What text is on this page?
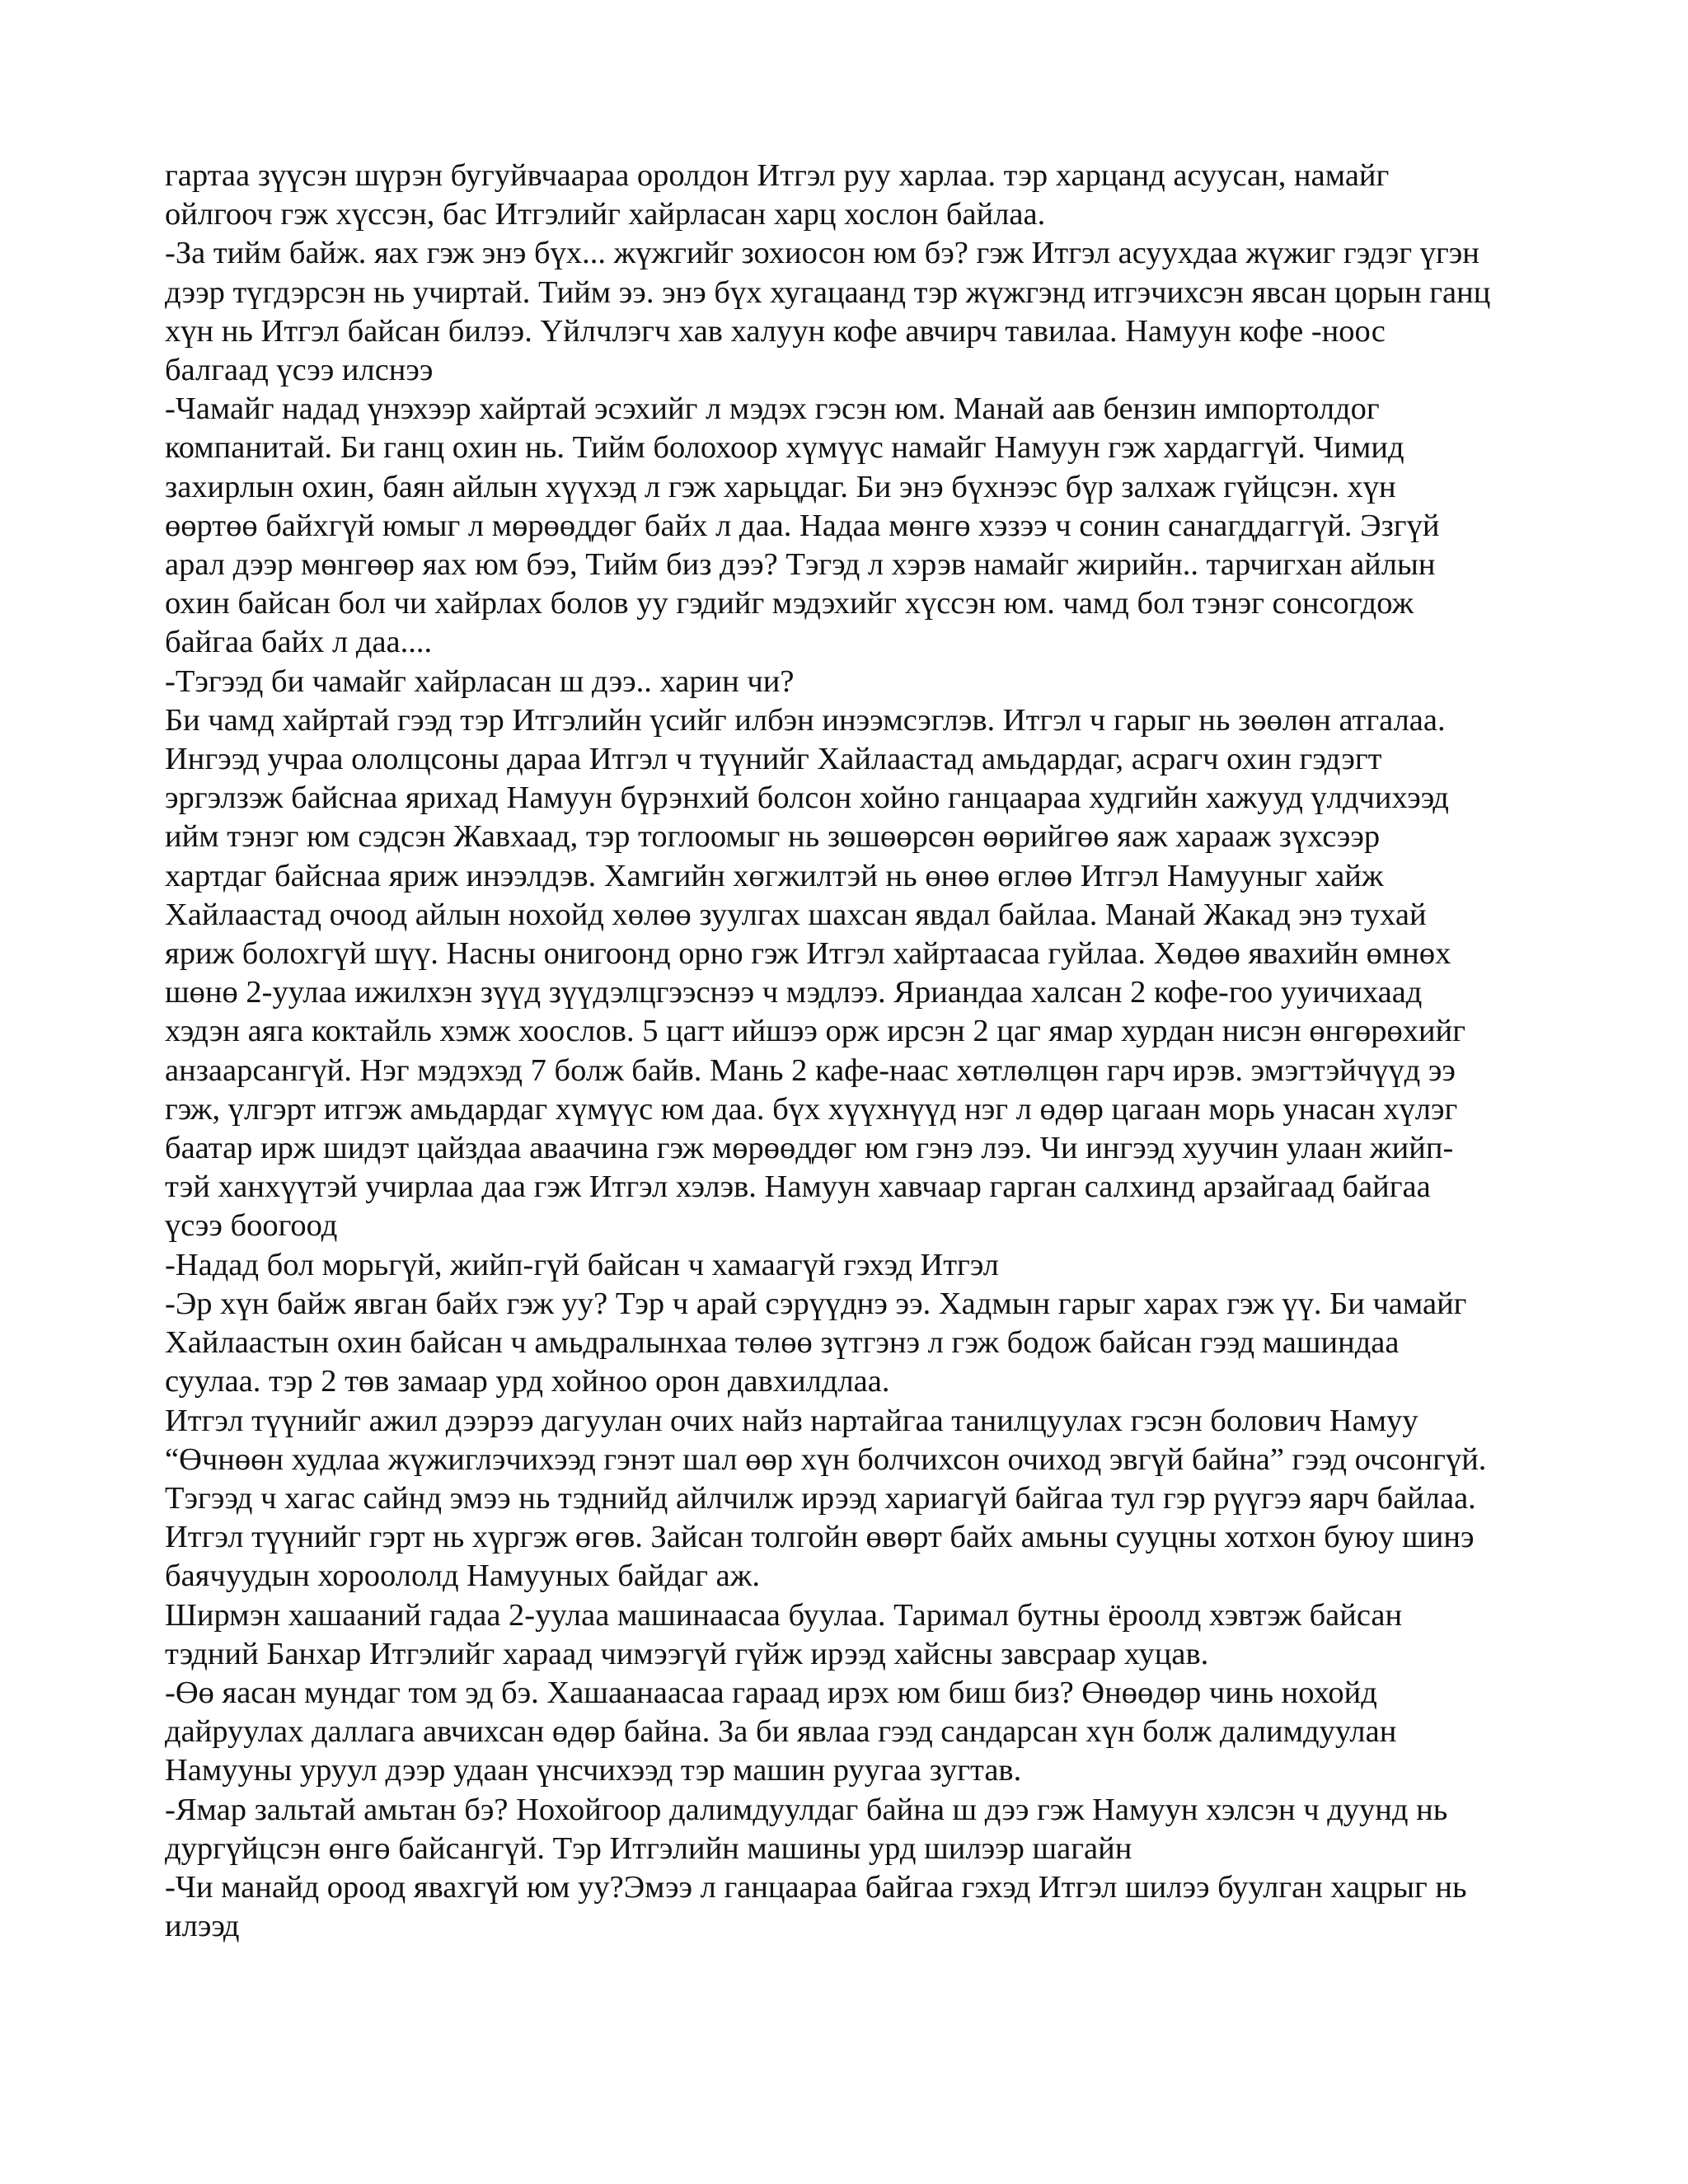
гартаа зүүсэн шүрэн бугуйвчаараа оролдон Итгэл руу харлаа. тэр харцанд асуусан, намайг

ойлгооч гэж хүссэн, бас Итгэлийг хайрласан харц хослон байлаа.

-За тийм байж. яах гэж энэ бүх... жүжгийг зохиосон юм бэ? гэж Итгэл асуухдаа жүжиг гэдэг үгэн

дээр түгдэрсэн нь учиртай. Тийм ээ. энэ бүх хугацаанд тэр жүжгэнд итгэчихсэн явсан цорын ганц

хүн нь Итгэл байсан билээ. Үйлчлэгч хав халуун кофе авчирч тавилаа. Намуун кофе -ноос

балгаад үсээ илснээ

-Чамайг надад үнэхээр хайртай эсэхийг л мэдэх гэсэн юм. Манай аав бензин импортолдог

компанитай. Би ганц охин нь. Тийм болохоор хүмүүс намайг Намуун гэж хардаггүй. Чимид

захирлын охин, баян айлын хүүхэд л гэж харьцдаг. Би энэ бүхнээс бүр залхаж гүйцсэн. хүн

өөртөө байхгүй юмыг л мөрөөддөг байх л даа. Надаа мөнгө хэзээ ч сонин санагддаггүй. Эзгүй

арал дээр мөнгөөр яах юм бээ, Тийм биз дээ? Тэгэд л хэрэв намайг жирийн.. тарчигхан айлын

охин байсан бол чи хайрлах болов уу гэдийг мэдэхийг хүссэн юм. чамд бол тэнэг сонсогдож

байгаа байх л даа....

-Тэгээд би чамайг хайрласан ш дээ.. харин чи?

Би чамд хайртай гээд тэр Итгэлийн үсийг илбэн инээмсэглэв. Итгэл ч гарыг нь зөөлөн атгалаа.

Ингээд учраа ололцсоны дараа Итгэл ч түүнийг Хайлаастад амьдардаг, асрагч охин гэдэгт

эргэлзэж байснаа ярихад Намуун бүрэнхий болсон хойно ганцаараа худгийн хажууд үлдчихээд

ийм тэнэг юм сэдсэн Жавхаад, тэр тоглоомыг нь зөшөөрсөн өөрийгөө яаж харааж зүхсээр

хартдаг байснаа яриж инээлдэв. Хамгийн хөгжилтэй нь өнөө өглөө Итгэл Намууныг хайж

Хайлаастад очоод айлын нохойд хөлөө зуулгах шахсан явдал байлаа. Манай Жакад энэ тухай

яриж болохгүй шүү. Насны онигоонд орно гэж Итгэл хайртаасаа гуйлаа. Хөдөө явахийн өмнөх

шөнө 2-уулаа ижилхэн зүүд зүүдэлцгээснээ ч мэдлээ. Яриандаа халсан 2 кофе-гоо ууичихаад

хэдэн аяга коктайль хэмж хоослов. 5 цагт ийшээ орж ирсэн 2 цаг ямар хурдан нисэн өнгөрөхийг

анзаарсангүй. Нэг мэдэхэд 7 болж байв. Мань 2 кафе-наас хөтлөлцөн гарч ирэв. эмэгтэйчүүд ээ

гэж, үлгэрт итгэж амьдардаг хүмүүс юм даа. бүх хүүхнүүд нэг л өдөр цагаан морь унасан хүлэг

баатар ирж шидэт цайздаа аваачина гэж мөрөөддөг юм гэнэ лээ. Чи ингээд хуучин улаан жийп-

тэй ханхүүтэй учирлаа даа гэж Итгэл хэлэв. Намуун хавчаар гарган салхинд арзайгаад байгаа

үсээ боогоод

-Надад бол морьгүй, жийп-гүй байсан ч хамаагүй гэхэд Итгэл

-Эр хүн байж явган байх гэж уу? Тэр ч арай сэрүүднэ ээ. Хадмын гарыг харах гэж үү. Би чамайг

Хайлаастын охин байсан ч амьдралынхаа төлөө зүтгэнэ л гэж бодож байсан гээд машиндаа

суулаа. тэр 2 төв замаар урд хойноо орон давхилдлаа.

Итгэл түүнийг ажил дээрээ дагуулан очих найз нартайгаа танилцуулах гэсэн болович Намуу

“Өчнөөн худлаа жүжиглэчихээд гэнэт шал өөр хүн болчихсон очиход эвгүй байна” гээд очсонгүй.

Тэгээд ч хагас сайнд эмээ нь тэднийд айлчилж ирээд хариагүй байгаа тул гэр рүүгээ яарч байлаа.

Итгэл түүнийг гэрт нь хүргэж өгөв. Зайсан толгойн өвөрт байх амьны сууцны хотхон буюу шинэ

баячуудын хороололд Намууных байдаг аж.

Ширмэн хашааний гадаа 2-уулаа машинаасаа буулаа. Таримал бутны ёроолд хэвтэж байсан

тэдний Банхар Итгэлийг хараад чимээгүй гүйж ирээд хайсны завсраар хуцав.

-Өө яасан мундаг том эд бэ. Хашаанаасаа гараад ирэх юм биш биз? Өнөөдөр чинь нохойд

дайруулах даллага авчихсан өдөр байна. За би явлаа гээд сандарсан хүн болж далимдуулан

Намууны уруул дээр удаан үнсчихээд тэр машин руугаа зугтав.

-Ямар зальтай амьтан бэ? Нохойгоор далимдуулдаг байна ш дээ гэж Намуун хэлсэн ч дуунд нь

дургүйцсэн өнгө байсангүй. Тэр Итгэлийн машины урд шилээр шагайн

-Чи манайд ороод явахгүй юм уу?Эмээ л ганцаараа байгаа гэхэд Итгэл шилээ буулган хацрыг нь

илээд
